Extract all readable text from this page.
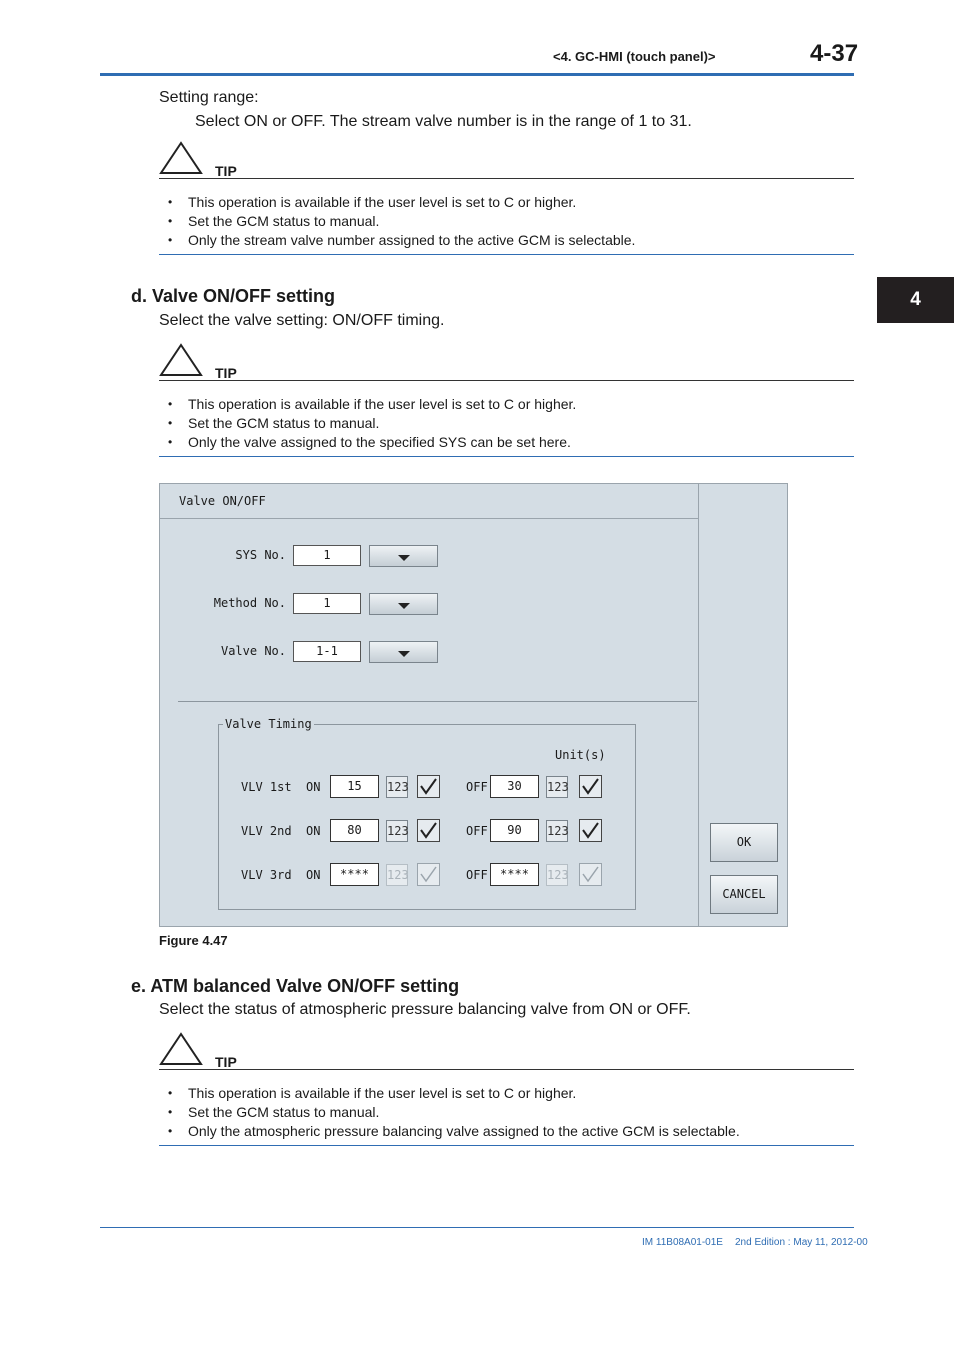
<4. GC-HMI (touch panel)>	4-37
4
Setting range:
Select ON or OFF. The stream valve number is in the range of 1 to 31.
TIP
• This operation is available if the user level is set to C or higher.
• Set the GCM status to manual.
• Only the stream valve number assigned to the active GCM is selectable.
d. Valve ON/OFF setting
Select the valve setting: ON/OFF timing.
TIP
• This operation is available if the user level is set to C or higher.
• Set the GCM status to manual.
• Only the valve assigned to the specified SYS can be set here.
Valve ON/OFF
SYS No.	1
Method No.	1
Valve No.	1-1
Valve Timing
Unit(s)
VLV 1st ON	15	123	OFF	30	123
VLV 2nd ON	80	123	OFF	90	123
VLV 3rd ON	****	123	OFF	****	123
OK
CANCEL
Figure 4.47
e. ATM balanced Valve ON/OFF setting
Select the status of atmospheric pressure balancing valve from ON or OFF.
TIP
• This operation is available if the user level is set to C or higher.
• Set the GCM status to manual.
• Only the atmospheric pressure balancing valve assigned to the active GCM is selectable.
IM 11B08A01-01E 2nd Edition : May 11, 2012-00
